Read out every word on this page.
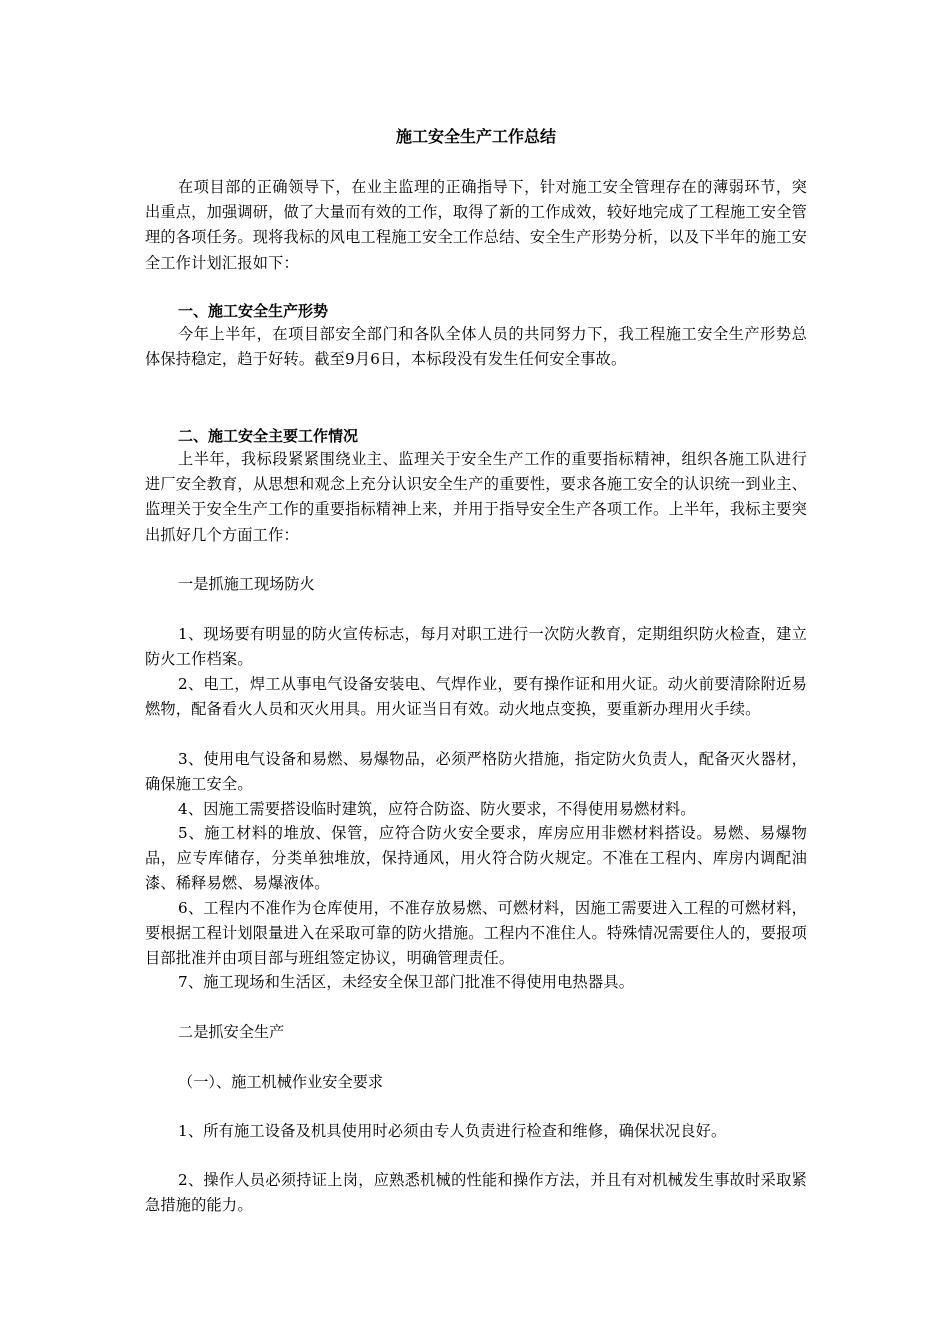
施工安全生产工作总结

在项目部的正确领导下，在业主监理的正确指导下，针对施工安全管理存在的薄弱环节，突出重点，加强调研，做了大量而有效的工作，取得了新的工作成效，较好地完成了工程施工安全管理的各项任务。现将我标的风电工程施工安全工作总结、安全生产形势分析，以及下半年的施工安全工作计划汇报如下：

一、施工安全生产形势

今年上半年，在项目部安全部门和各队全体人员的共同努力下，我工程施工安全生产形势总体保持稳定，趋于好转。截至9月6日，本标段没有发生任何安全事故。

二、施工安全主要工作情况

上半年，我标段紧紧围绕业主、监理关于安全生产工作的重要指标精神，组织各施工队进行进厂安全教育，从思想和观念上充分认识安全生产的重要性，要求各施工安全的认识统一到业主、监理关于安全生产工作的重要指标精神上来，并用于指导安全生产各项工作。上半年，我标主要突出抓好几个方面工作：

一是抓施工现场防火

1、现场要有明显的防火宣传标志，每月对职工进行一次防火教育，定期组织防火检查，建立防火工作档案。

2、电工，焊工从事电气设备安装电、气焊作业，要有操作证和用火证。动火前要清除附近易燃物，配备看火人员和灭火用具。用火证当日有效。动火地点变换，要重新办理用火手续。

3、使用电气设备和易燃、易爆物品，必须严格防火措施，指定防火负责人，配备灭火器材，确保施工安全。

4、因施工需要搭设临时建筑，应符合防盗、防火要求，不得使用易燃材料。

5、施工材料的堆放、保管，应符合防火安全要求，库房应用非燃材料搭设。易燃、易爆物品，应专库储存，分类单独堆放，保持通风，用火符合防火规定。不准在工程内、库房内调配油漆、稀释易燃、易爆液体。

6、工程内不准作为仓库使用，不准存放易燃、可燃材料，因施工需要进入工程的可燃材料，要根据工程计划限量进入在采取可靠的防火措施。工程内不准住人。特殊情况需要住人的，要报项目部批准并由项目部与班组签定协议，明确管理责任。

7、施工现场和生活区，未经安全保卫部门批准不得使用电热器具。

二是抓安全生产

（一）、施工机械作业安全要求

1、所有施工设备及机具使用时必须由专人负责进行检查和维修，确保状况良好。

2、操作人员必须持证上岗，应熟悉机械的性能和操作方法，并且有对机械发生事故时采取紧急措施的能力。
